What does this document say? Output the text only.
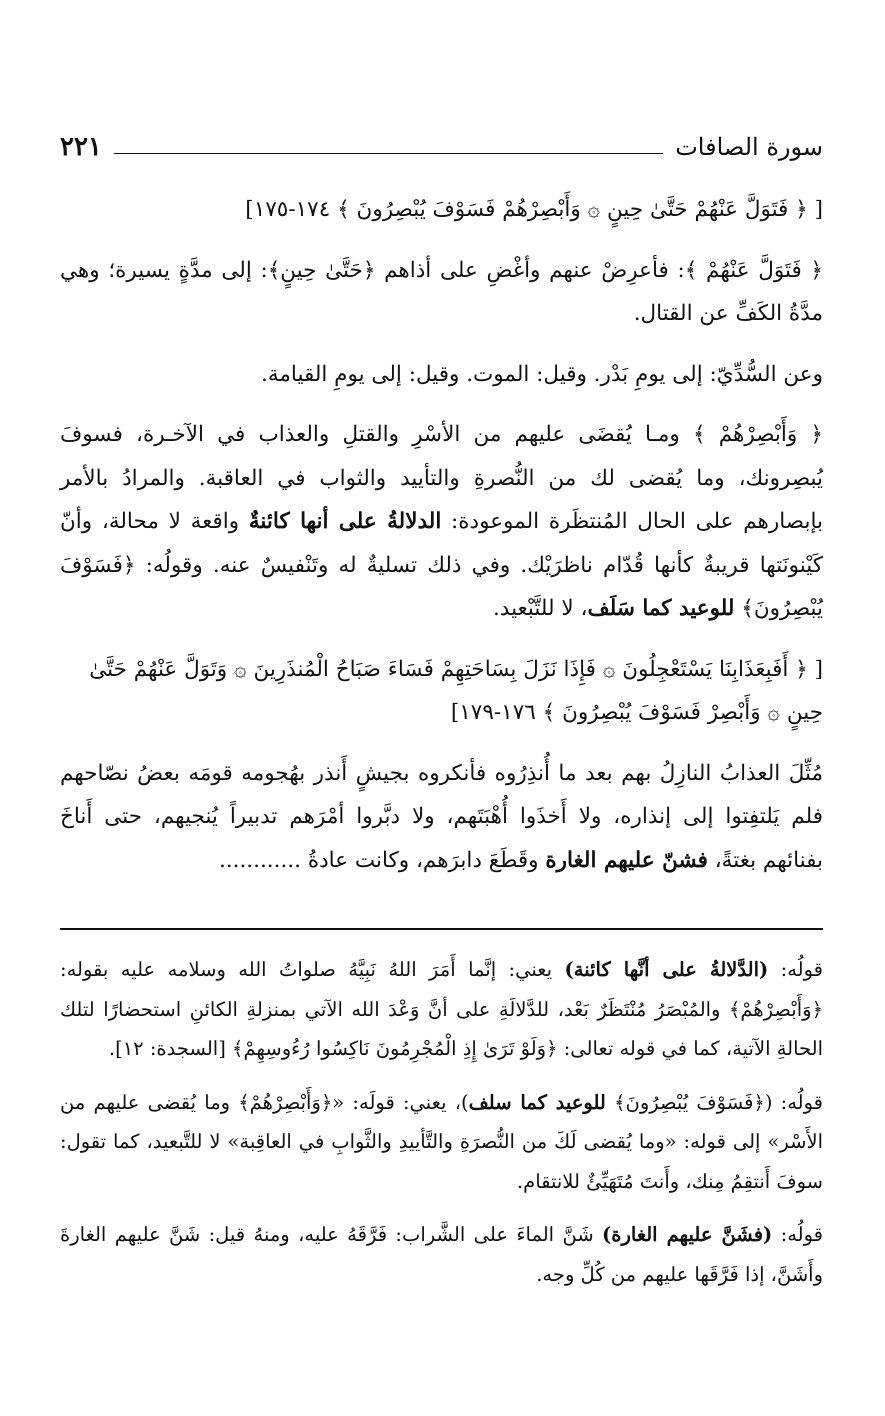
٢٢١	سورة الصافات

[ ﴿ فَتَوَلَّ عَنْهُمْ حَتَّىٰ حِينٍ ۞ وَأَبْصِرْهُمْ فَسَوْفَ يُبْصِرُونَ ﴾ ١٧٤-١٧٥]

﴿ فَتَوَلَّ عَنْهُمْ ﴾: فأعرِضْ عنهم وأغْضِ على أذاهم ﴿حَتَّىٰ حِينٍ﴾: إلى مدَّةٍ يسيرة؛ وهي مدَّةُ الكَفِّ عن القتال.

وعن السُّدِّيّ: إلى يومِ بَدْر. وقيل: الموت. وقيل: إلى يومِ القيامة.

﴿ وَأَبْصِرْهُمْ ﴾ ومـا يُقضَى عليهم من الأسْرِ والقتلِ والعذاب في الآخـرة، فسوفَ يُبصِرونك، وما يُقضى لك من النُّصرةِ والتأييد والثواب في العاقبة. والمرادُ بالأمر بإبصارهم على الحال المُنتظَرة الموعودة: الدلالةُ على أنها كائنةٌ واقعة لا محالة، وأنّ كَيْنونَتها قريبةٌ كأنها قُدّام ناظرَيْك. وفي ذلك تسليةٌ له وتَنْفيسٌ عنه. وقولُه: ﴿فَسَوْفَ يُبْصِرُونَ﴾ للوعيد كما سَلَف، لا للتَّبْعيد.

[ ﴿ أَفَبِعَذَابِنَا يَسْتَعْجِلُونَ ۞ فَإِذَا نَزَلَ بِسَاحَتِهِمْ فَسَاءَ صَبَاحُ الْمُنذَرِينَ ۞ وَتَوَلَّ عَنْهُمْ حَتَّىٰ حِينٍ ۞ وَأَبْصِرْ فَسَوْفَ يُبْصِرُونَ ﴾ ١٧٦-١٧٩]

مُثِّلَ العذابُ النازِلُ بهم بعد ما أُنذِرُوه فأنكروه بجيشٍ أَنذر بهُجومه قومَه بعضُ نصّاحهم فلم يَلتفِتوا إلى إنذاره، ولا أَخذَوا أُهْبَتَهم، ولا دبَّروا أمْرَهم تدبيراً يُنجيهم، حتى أَناخَ بفنائهم بغتةً، فشنّ عليهم الغارة وقَطَعَ دابرَهم، وكانت عادةُ ............

قولُه: (الدَّلالةُ على أنَّها كائنة) يعني: إنَّما أَمَرَ اللهُ نَبِيَّهُ صلواتُ الله وسلامه عليه بقوله: ﴿وَأَبْصِرْهُمْ﴾ والمُبْصَرُ مُنْتَظَرٌ بَعْد، للدَّلالَةِ على أنَّ وَعْدَ الله الآتي بمنزلةِ الكائنِ استحضارًا لتلك الحالةِ الآتية، كما في قوله تعالى: ﴿وَلَوْ تَرَىٰ إِذِ الْمُجْرِمُونَ نَاكِسُوا رُءُوسِهِمْ﴾ [السجدة: ١٢].

قولُه: (﴿فَسَوْفَ يُبْصِرُونَ﴾ للوعيد كما سلف)، يعني: قولَه: «﴿وَأَبْصِرْهُمْ﴾ وما يُقضى عليهم من الأَسْر» إلى قوله: «وما يُقضى لَكَ من النُّصرَةِ والتَّأييدِ والثَّوابِ في العاقِبة» لا للتَّبعيد، كما تقول: سوفَ أَنتقِمُ مِنك، وأَنتَ مُتَهَيِّئٌ للانتقام.

قولُه: (فشَنَّ عليهم الغارة) شَنَّ الماءَ على الشَّراب: فَرَّقَهُ عليه، ومنهُ قيل: شَنَّ عليهم الغارةَ وأَشَنَّ، إذا فَرَّقَها عليهم من كُلِّ وجه.
